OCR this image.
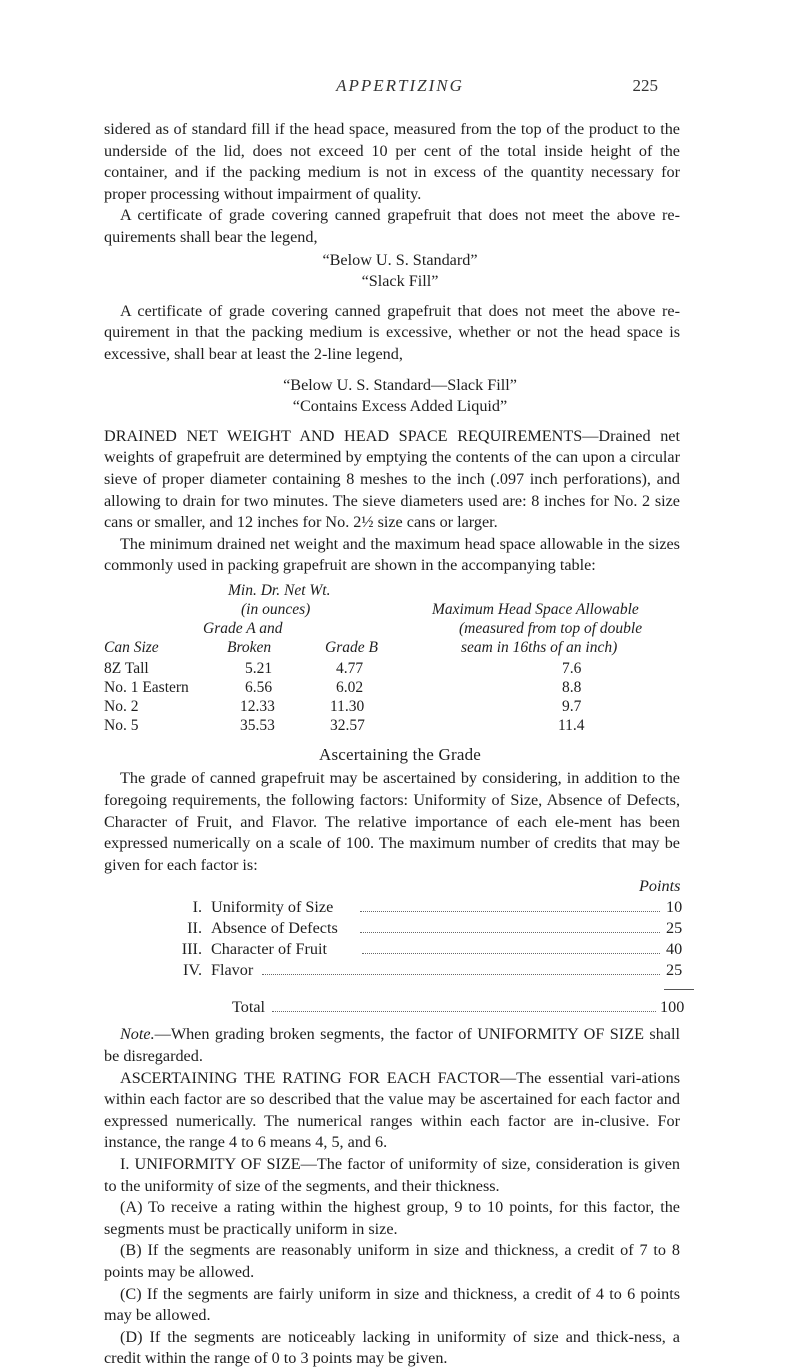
APPERTIZING	225

sidered as of standard fill if the head space, measured from the top of the product to the underside of the lid, does not exceed 10 per cent of the total inside height of the container, and if the packing medium is not in excess of the quantity necessary for proper processing without impairment of quality.

A certificate of grade covering canned grapefruit that does not meet the above re-quirements shall bear the legend,

“Below U. S. Standard”

“Slack Fill”

A certificate of grade covering canned grapefruit that does not meet the above re-quirement in that the packing medium is excessive, whether or not the head space is excessive, shall bear at least the 2-line legend,

“Below U. S. Standard—Slack Fill”

“Contains Excess Added Liquid”

DRAINED NET WEIGHT AND HEAD SPACE REQUIREMENTS—Drained net weights of grapefruit are determined by emptying the contents of the can upon a circular sieve of proper diameter containing 8 meshes to the inch (.097 inch perforations), and allowing to drain for two minutes. The sieve diameters used are: 8 inches for No. 2 size cans or smaller, and 12 inches for No. 2½ size cans or larger.

The minimum drained net weight and the maximum head space allowable in the sizes commonly used in packing grapefruit are shown in the accompanying table:

Min. Dr. Net Wt.
(in ounces)
Grade A and
Broken	Grade B
Can Size
Maximum Head Space Allowable
(measured from top of double
seam in 16ths of an inch)
8Z Tall	5.21	4.77	7.6
No. 1 Eastern	6.56	6.02	8.8
No. 2	12.33	11.30	9.7
No. 5	35.53	32.57	11.4
Ascertaining the Grade

The grade of canned grapefruit may be ascertained by considering, in addition to the foregoing requirements, the following factors: Uniformity of Size, Absence of Defects, Character of Fruit, and Flavor. The relative importance of each ele-ment has been expressed numerically on a scale of 100. The maximum number of credits that may be given for each factor is:

Points
I. Uniformity of Size	10
II. Absence of Defects	25
III. Character of Fruit	40
IV. Flavor	25
Total	100

Note.—When grading broken segments, the factor of UNIFORMITY OF SIZE shall be disregarded.

ASCERTAINING THE RATING FOR EACH FACTOR—The essential vari-ations within each factor are so described that the value may be ascertained for each factor and expressed numerically. The numerical ranges within each factor are in-clusive. For instance, the range 4 to 6 means 4, 5, and 6.

I. UNIFORMITY OF SIZE—The factor of uniformity of size, consideration is given to the uniformity of size of the segments, and their thickness.

(A) To receive a rating within the highest group, 9 to 10 points, for this factor, the segments must be practically uniform in size.

(B) If the segments are reasonably uniform in size and thickness, a credit of 7 to 8 points may be allowed.

(C) If the segments are fairly uniform in size and thickness, a credit of 4 to 6 points may be allowed.

(D) If the segments are noticeably lacking in uniformity of size and thick-ness, a credit within the range of 0 to 3 points may be given.
